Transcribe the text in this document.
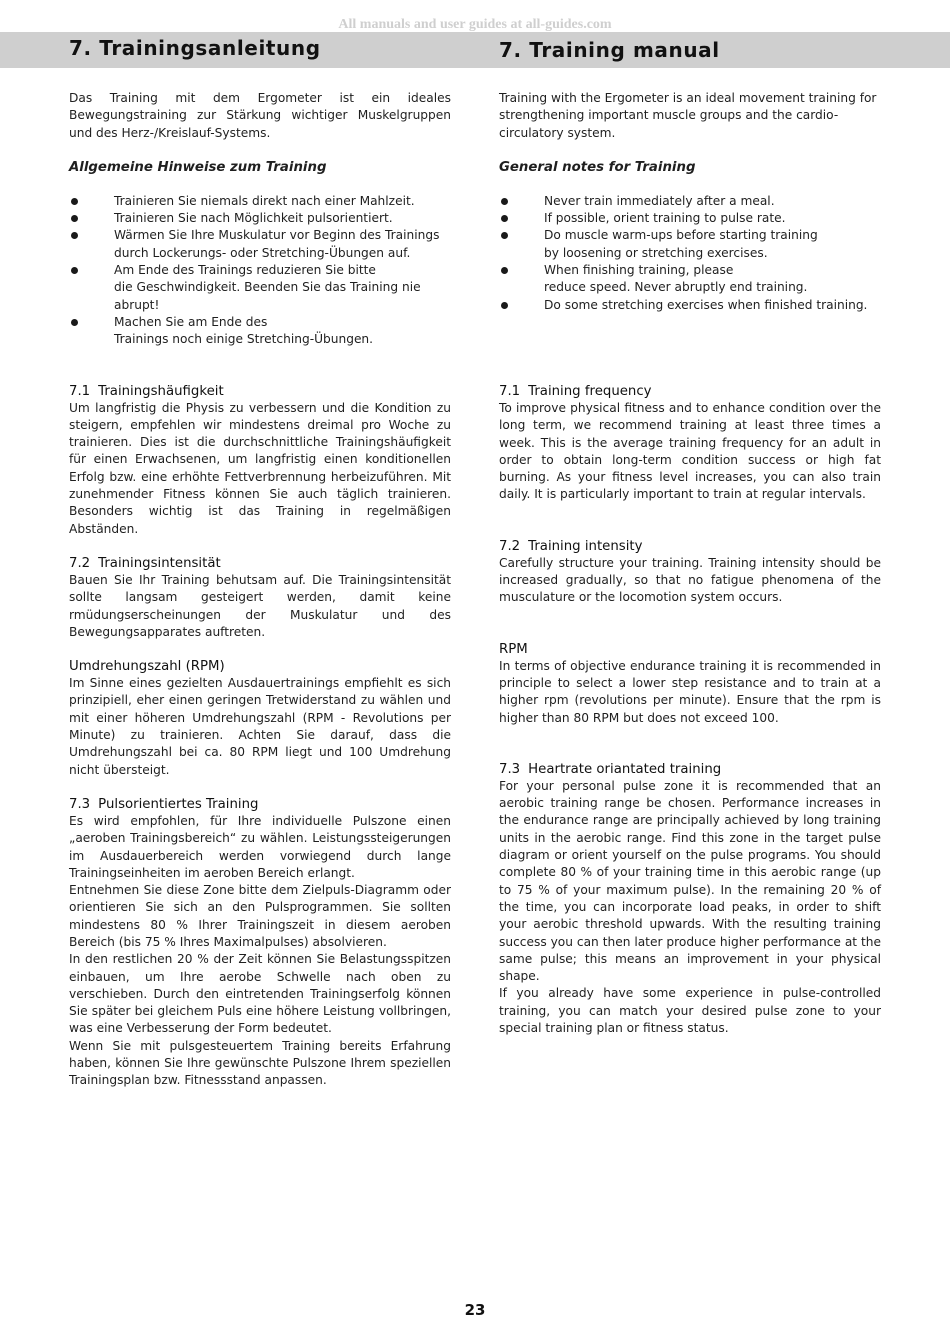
All manuals and user guides at all-guides.com
7. Trainingsanleitung	7. Training manual

Das Training mit dem Ergometer ist ein ideales Bewegungstraining zur Stärkung wichtiger Muskelgruppen und des Herz-/Kreislauf-Systems.

Allgemeine Hinweise zum Training
Trainieren Sie niemals direkt nach einer Mahlzeit.
Trainieren Sie nach Möglichkeit pulsorientiert.
Wärmen Sie Ihre Muskulatur vor Beginn des Trainings
durch Lockerungs- oder Stretching-Übungen auf.
Am Ende des Trainings reduzieren Sie bitte
die Geschwindigkeit. Beenden Sie das Training nie
abrupt!
Machen Sie am Ende des
Trainings noch einige Stretching-Übungen.
7.1 Trainingshäufigkeit

Um langfristig die Physis zu verbessern und die Kondition zu steigern, empfehlen wir mindestens dreimal pro Woche zu trainieren. Dies ist die durchschnittliche Trainingshäufigkeit für einen Erwachsenen, um langfristig einen konditionellen Erfolg bzw. eine erhöhte Fettverbrennung herbeizuführen. Mit zunehmender Fitness können Sie auch täglich trainieren. Besonders wichtig ist das Training in regelmäßigen Abständen.

7.2 Trainingsintensität

Bauen Sie Ihr Training behutsam auf. Die Trainingsintensität sollte langsam gesteigert werden, damit keine rmüdungserscheinungen der Muskulatur und des Bewegungsapparates auftreten.

Umdrehungszahl (RPM)

Im Sinne eines gezielten Ausdauertrainings empfiehlt es sich prinzipiell, eher einen geringen Tretwiderstand zu wählen und mit einer höheren Umdrehungszahl (RPM - Revolutions per Minute) zu trainieren. Achten Sie darauf, dass die Umdrehungszahl bei ca. 80 RPM liegt und 100 Umdrehung nicht übersteigt.

7.3 Pulsorientiertes Training

Es wird empfohlen, für Ihre individuelle Pulszone einen „aeroben Trainingsbereich“ zu wählen. Leistungssteigerungen im Ausdauerbereich werden vorwiegend durch lange Trainingseinheiten im aeroben Bereich erlangt.

Entnehmen Sie diese Zone bitte dem Zielpuls-Diagramm oder orientieren Sie sich an den Pulsprogrammen. Sie sollten mindestens 80 % Ihrer Trainingszeit in diesem aeroben Bereich (bis 75 % Ihres Maximalpulses) absolvieren.

In den restlichen 20 % der Zeit können Sie Belastungsspitzen einbauen, um Ihre aerobe Schwelle nach oben zu verschieben. Durch den eintretenden Trainingserfolg können Sie später bei gleichem Puls eine höhere Leistung vollbringen, was eine Verbesserung der Form bedeutet.

Wenn Sie mit pulsgesteuertem Training bereits Erfahrung haben, können Sie Ihre gewünschte Pulszone Ihrem speziellen Trainingsplan bzw. Fitnessstand anpassen.

Training with the Ergometer is an ideal movement training for strengthening important muscle groups and the cardio-circulatory system.

General notes for Training
Never train immediately after a meal.
If possible, orient training to pulse rate.
Do muscle warm-ups before starting training
by loosening or stretching exercises.
When finishing training, please
reduce speed. Never abruptly end training.
Do some stretching exercises when finished training.
7.1 Training frequency

To improve physical fitness and to enhance condition over the long term, we recommend training at least three times a week. This is the average training frequency for an adult in order to obtain long-term condition success or high fat burning. As your fitness level increases, you can also train daily. It is particularly important to train at regular intervals.

7.2 Training intensity

Carefully structure your training. Training intensity should be increased gradually, so that no fatigue phenomena of the musculature or the locomotion system occurs.

RPM

In terms of objective endurance training it is recommended in principle to select a lower step resistance and to train at a higher rpm (revolutions per minute). Ensure that the rpm is higher than 80 RPM but does not exceed 100.

7.3 Heartrate oriantated training

For your personal pulse zone it is recommended that an aerobic training range be chosen. Performance increases in the endurance range are principally achieved by long training units in the aerobic range. Find this zone in the target pulse diagram or orient yourself on the pulse programs. You should complete 80 % of your training time in this aerobic range (up to 75 % of your maximum pulse). In the remaining 20 % of the time, you can incorporate load peaks, in order to shift your aerobic threshold upwards. With the resulting training success you can then later produce higher performance at the same pulse; this means an improvement in your physical shape.

If you already have some experience in pulse-controlled training, you can match your desired pulse zone to your special training plan or fitness status.

23
